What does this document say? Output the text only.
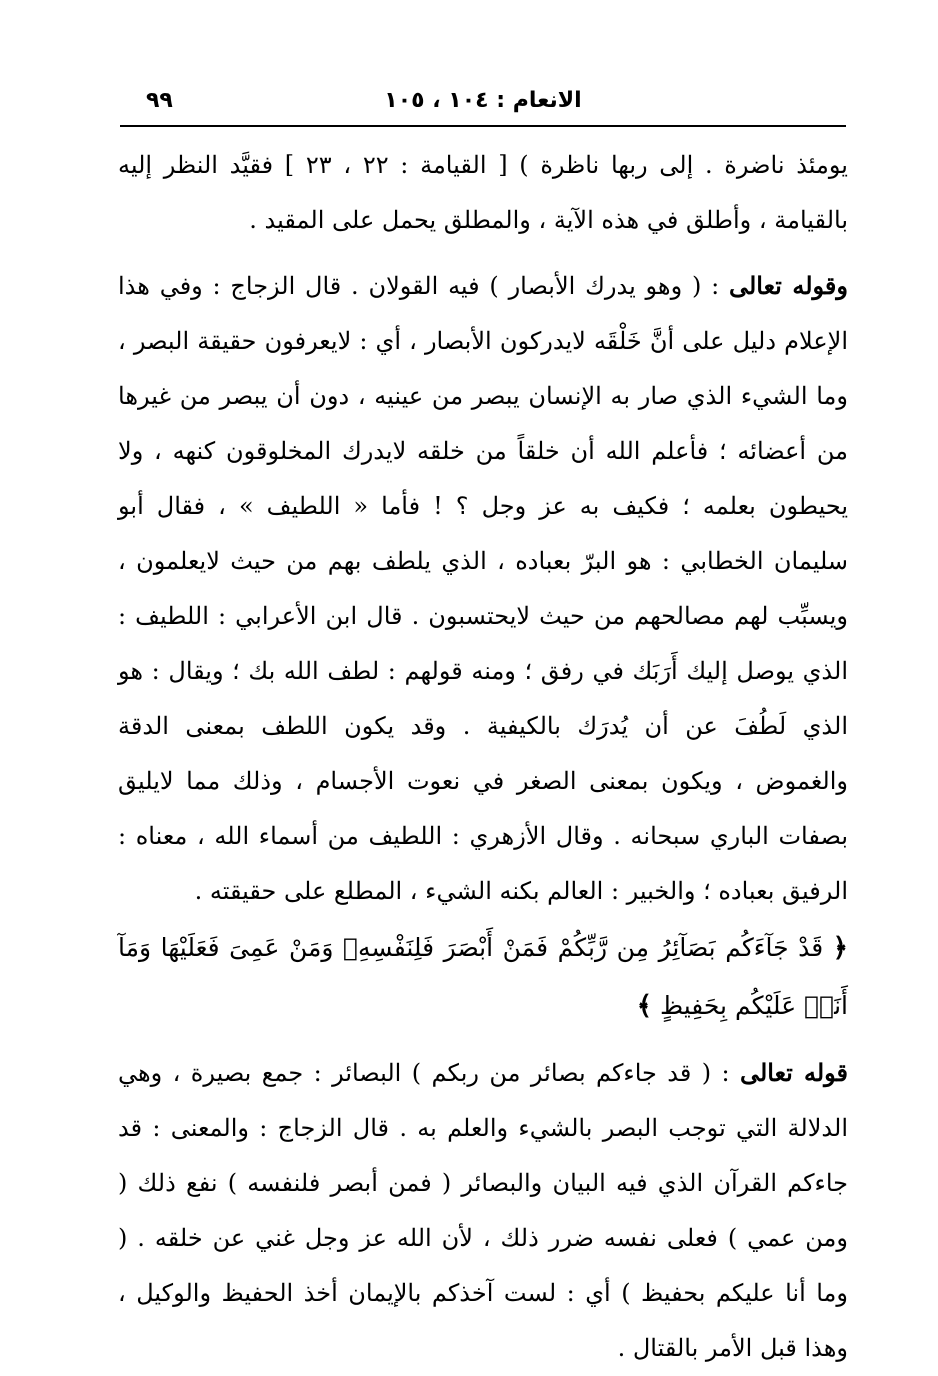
٩٩	الانعام : ١٠٤ ، ١٠٥

يومئذ ناضرة . إلى ربها ناظرة ) [ القيامة : ٢٢ ، ٢٣ ] فقيَّد النظر إليه بالقيامة ، وأطلق في هذه الآية ، والمطلق يحمل على المقيد .

وقوله تعالى : ( وهو يدرك الأبصار ) فيه القولان . قال الزجاج : وفي هذا الإعلام دليل على أنَّ خَلْقَه لايدركون الأبصار ، أي : لايعرفون حقيقة البصر ، وما الشيء الذي صار به الإنسان يبصر من عينيه ، دون أن يبصر من غيرها من أعضائه ؛ فأعلم الله أن خلقاً من خلقه لايدرك المخلوقون كنهه ، ولا يحيطون بعلمه ؛ فكيف به عز وجل ؟ ! فأما « اللطيف » ، فقال أبو سليمان الخطابي : هو البرّ بعباده ، الذي يلطف بهم من حيث لايعلمون ، ويسبِّب لهم مصالحهم من حيث لايحتسبون . قال ابن الأعرابي : اللطيف : الذي يوصل إليك أَرَبَك في رفق ؛ ومنه قولهم : لطف الله بك ؛ ويقال : هو الذي لَطُفَ عن أن يُدرَك بالكيفية . وقد يكون اللطف بمعنى الدقة والغموض ، ويكون بمعنى الصغر في نعوت الأجسام ، وذلك مما لايليق بصفات الباري سبحانه . وقال الأزهري : اللطيف من أسماء الله ، معناه : الرفيق بعباده ؛ والخبير : العالم بكنه الشيء ، المطلع على حقيقته .

﴿ قَدْ جَآءَكُم بَصَآئِرُ مِن رَّبِّكُمْ فَمَنْ أَبْصَرَ فَلِنَفْسِهِۦ وَمَنْ عَمِىَ فَعَلَيْهَا وَمَآ أَنَا۠ عَلَيْكُم بِحَفِيظٍ ﴾

قوله تعالى : ( قد جاءكم بصائر من ربكم ) البصائر : جمع بصيرة ، وهي الدلالة التي توجب البصر بالشيء والعلم به . قال الزجاج : والمعنى : قد جاءكم القرآن الذي فيه البيان والبصائر ( فمن أبصر فلنفسه ) نفع ذلك ( ومن عمي ) فعلى نفسه ضرر ذلك ، لأن الله عز وجل غني عن خلقه . ( وما أنا عليكم بحفيظ ) أي : لست آخذكم بالإيمان أخذ الحفيظ والوكيل ، وهذا قبل الأمر بالقتال .
